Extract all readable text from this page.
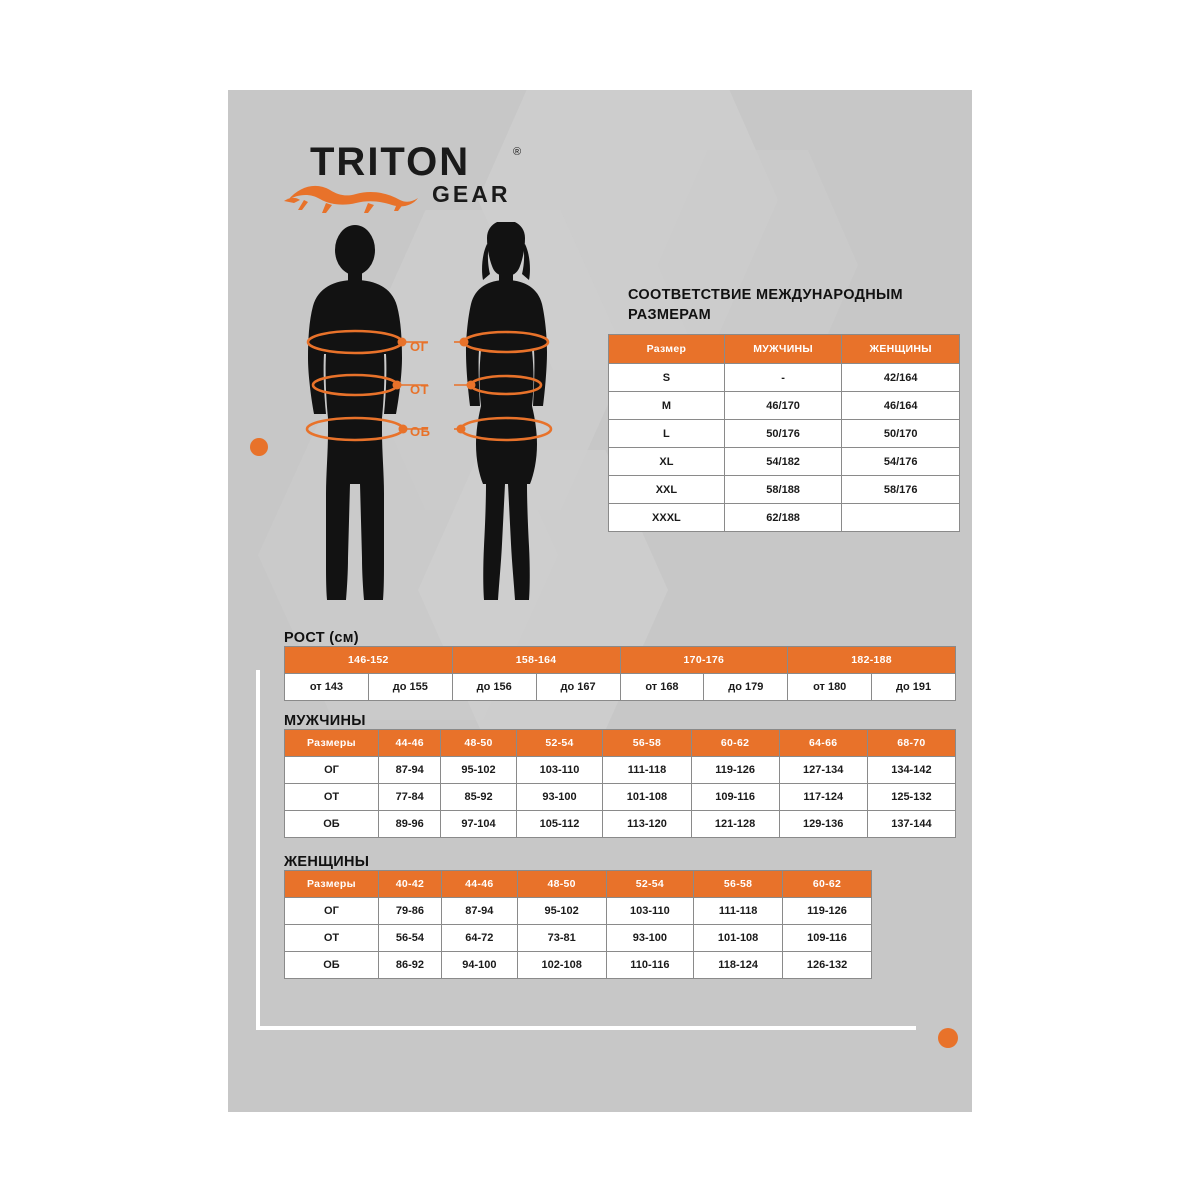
TRITON	®
GEAR
ОГ
ОТ
ОБ
СООТВЕТСТВИЕ МЕЖДУНАРОДНЫМ РАЗМЕРАМ
Размер	МУЖЧИНЫ	ЖЕНЩИНЫ
S	-	42/164
M	46/170	46/164
L	50/176	50/170
XL	54/182	54/176
XXL	58/188	58/176
XXXL	62/188	
РОСТ (см)
146-152		158-164		170-176		182-188	
от 143	до 155	до 156	до 167	от 168	до 179	от 180	до 191
МУЖЧИНЫ
Размеры	44-46	48-50	52-54	56-58	60-62	64-66	68-70
ОГ	87-94	95-102	103-110	111-118	119-126	127-134	134-142
ОТ	77-84	85-92	93-100	101-108	109-116	117-124	125-132
ОБ	89-96	97-104	105-112	113-120	121-128	129-136	137-144
ЖЕНЩИНЫ
Размеры	40-42	44-46	48-50	52-54	56-58	60-62
ОГ	79-86	87-94	95-102	103-110	111-118	119-126
ОТ	56-54	64-72	73-81	93-100	101-108	109-116
ОБ	86-92	94-100	102-108	110-116	118-124	126-132
